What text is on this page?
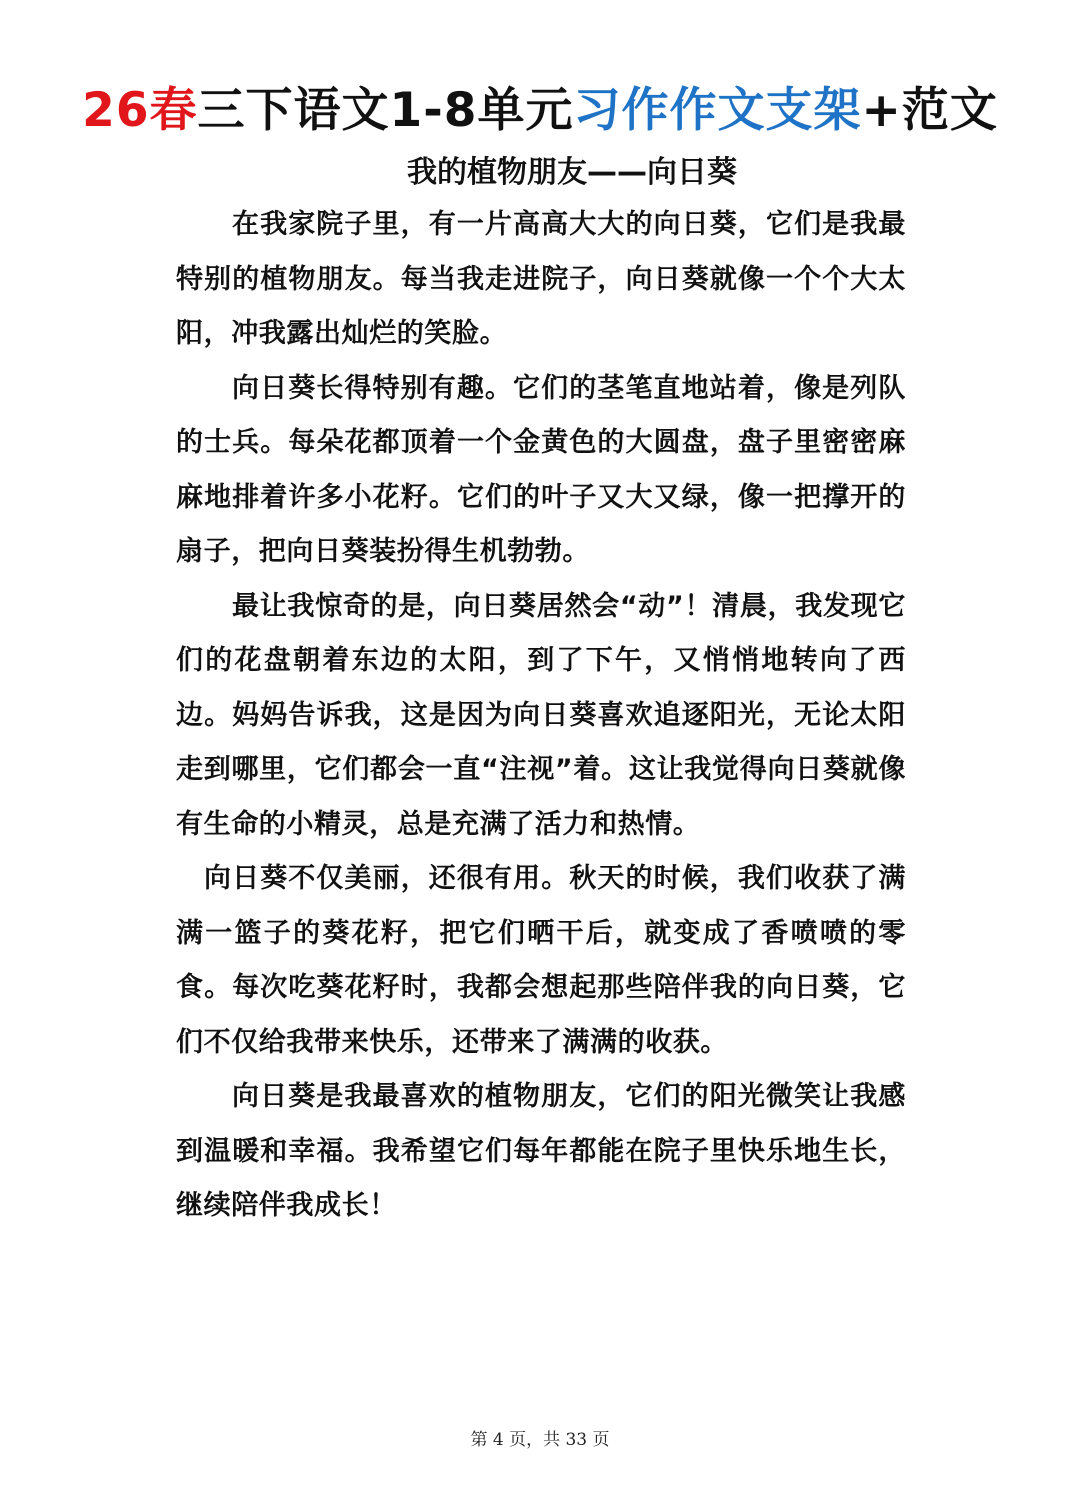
26春三下语文1-8单元习作作文支架+范文
我的植物朋友——向日葵

在我家院子里，有一片高高大大的向日葵，它们是我最特别的植物朋友。每当我走进院子，向日葵就像一个个大太阳，冲我露出灿烂的笑脸。

向日葵长得特别有趣。它们的茎笔直地站着，像是列队的士兵。每朵花都顶着一个金黄色的大圆盘，盘子里密密麻麻地排着许多小花籽。它们的叶子又大又绿，像一把撑开的扇子，把向日葵装扮得生机勃勃。

最让我惊奇的是，向日葵居然会“动”！清晨，我发现它们的花盘朝着东边的太阳，到了下午，又悄悄地转向了西边。妈妈告诉我，这是因为向日葵喜欢追逐阳光，无论太阳走到哪里，它们都会一直“注视”着。这让我觉得向日葵就像有生命的小精灵，总是充满了活力和热情。

向日葵不仅美丽，还很有用。秋天的时候，我们收获了满满一篮子的葵花籽，把它们晒干后，就变成了香喷喷的零食。每次吃葵花籽时，我都会想起那些陪伴我的向日葵，它们不仅给我带来快乐，还带来了满满的收获。

向日葵是我最喜欢的植物朋友，它们的阳光微笑让我感到温暖和幸福。我希望它们每年都能在院子里快乐地生长，继续陪伴我成长！

第 4 页，共 33 页
